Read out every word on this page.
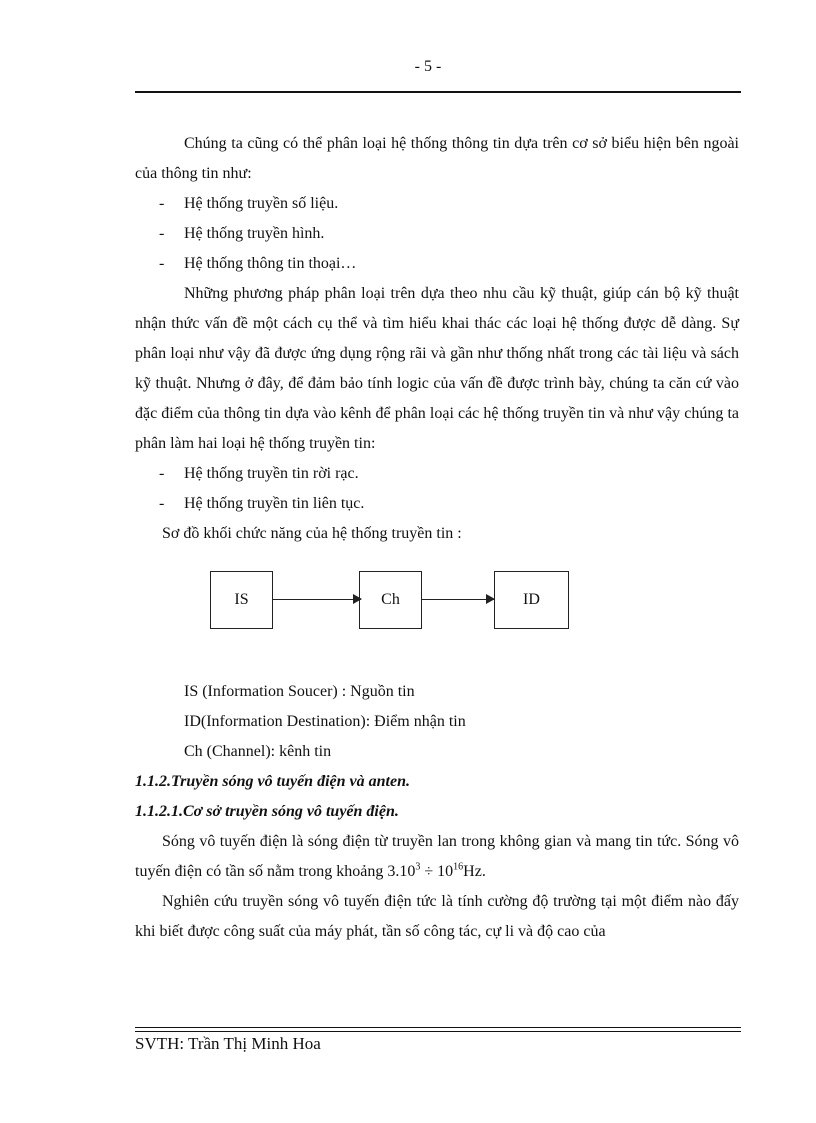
- 5 -

Chúng ta cũng có thể phân loại hệ thống thông tin dựa trên cơ sở biểu hiện bên ngoài của thông tin như:

- Hệ thống truyền số liệu.

- Hệ thống truyền hình.

- Hệ thống thông tin thoại…

Những phương pháp phân loại trên dựa theo nhu cầu kỹ thuật, giúp cán bộ kỹ thuật nhận thức vấn đề một cách cụ thể và tìm hiểu khai thác các loại hệ thống được dễ dàng. Sự phân loại như vậy đã được ứng dụng rộng rãi và gần như thống nhất trong các tài liệu và sách kỹ thuật. Nhưng ở đây, để đảm bảo tính logic của vấn đề được trình bày, chúng ta căn cứ vào đặc điểm của thông tin dựa vào kênh để phân loại các hệ thống truyền tin và như vậy chúng ta phân làm hai loại hệ thống truyền tin:

- Hệ thống truyền tin rời rạc.

- Hệ thống truyền tin liên tục.

Sơ đồ khối chức năng của hệ thống truyền tin :

IS	Ch	ID

IS (Information Soucer) : Nguồn tin

ID(Information Destination): Điểm nhận tin

Ch (Channel): kênh tin

1.1.2.Truyền sóng vô tuyến điện và anten.

1.1.2.1.Cơ sở truyền sóng vô tuyến điện.

Sóng vô tuyến điện là sóng điện từ truyền lan trong không gian và mang tin tức. Sóng vô tuyến điện có tần số nằm trong khoảng $3.10^3 \div 10^{16}Hz$.

Nghiên cứu truyền sóng vô tuyến điện tức là tính cường độ trường tại một điểm nào đấy khi biết được công suất của máy phát, tần số công tác, cự li và độ cao của

SVTH: Trần Thị Minh Hoa
